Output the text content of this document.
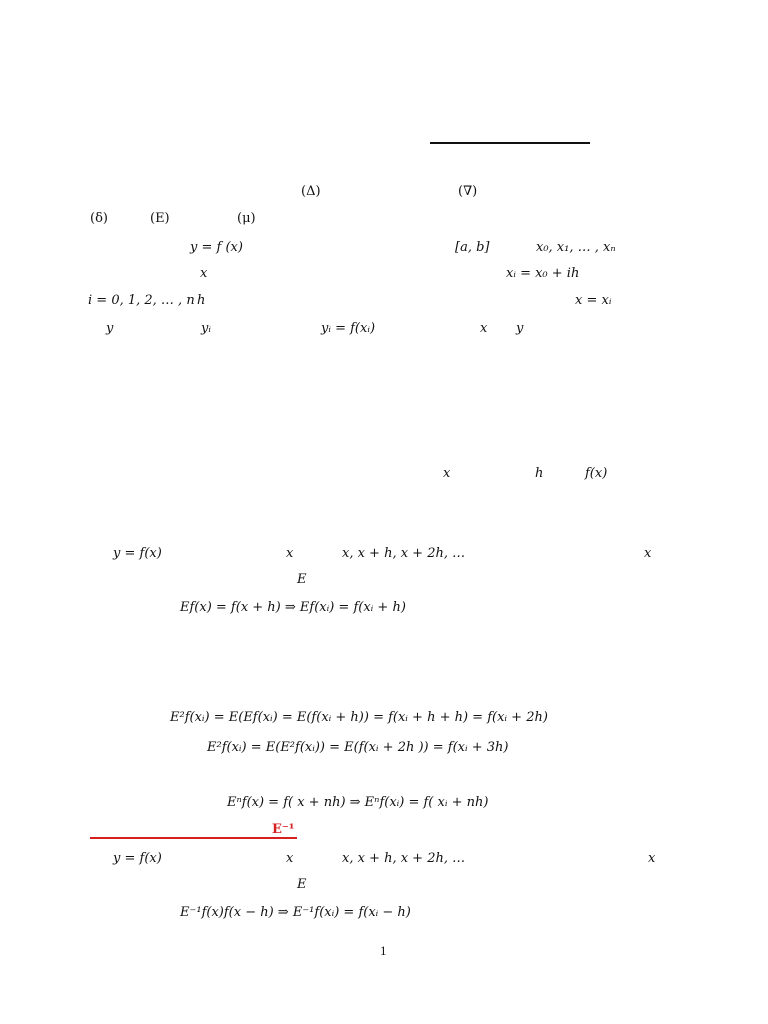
(Δ)	(∇)
(δ)	(E)	(μ)
y = f (x)	[a, b]	x₀, x₁, … , xₙ
x	xᵢ = x₀ + ih
i = 0, 1, 2, … , n h	x = xᵢ
y	yᵢ	yᵢ = f(xᵢ)	x y
x	h	f(x)
y = f(x)	x	x, x + h, x + 2h, …	x
E
Ef(x) = f(x + h) ⇒ Ef(xᵢ) = f(xᵢ + h)
E²f(xᵢ) = E(Ef(xᵢ) = E(f(xᵢ + h)) = f(xᵢ + h + h) = f(xᵢ + 2h)
E²f(xᵢ) = E(E²f(xᵢ)) = E(f(xᵢ + 2h )) = f(xᵢ + 3h)
Eⁿf(x) = f( x + nh) ⇒ Eⁿf(xᵢ) = f( xᵢ + nh)
E⁻¹
y = f(x)	x	x, x + h, x + 2h, …	x
E
E⁻¹f(x)f(x − h) ⇒ E⁻¹f(xᵢ) = f(xᵢ − h)
1
